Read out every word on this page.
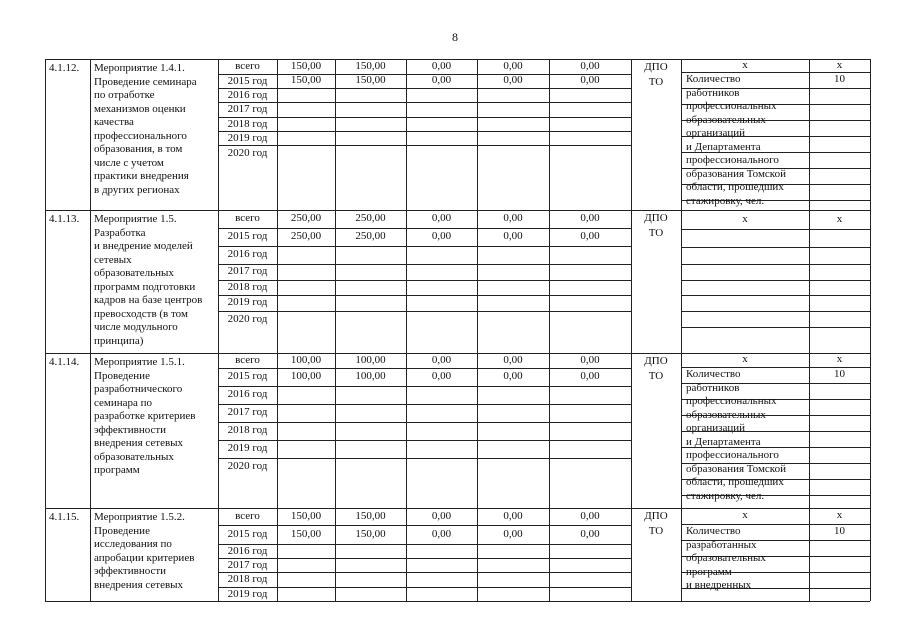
8
4.1.12. Мероприятие 1.4.1.
Проведение семинара
по отработке
механизмов оценки
качества
профессионального
образования, в том
числе с учетом
практики внедрения
в других регионах
всего
2015 год
2016 год
2017 год
2018 год
2019 год
2020 год
150,00
150,00
150,00
150,00
0,00
0,00
0,00
0,00
0,00
0,00
ДПО
ТО
х
Количество
работников
профессиональных
образовательных
организаций
и Департамента
профессионального
образования Томской
области, прошедших
стажировку, чел.
х
10
4.1.13. Мероприятие 1.5.
Разработка
и внедрение моделей
сетевых
образовательных
программ подготовки
кадров на базе центров
превосходств (в том
числе модульного
принципа)
всего
2015 год
2016 год
2017 год
2018 год
2019 год
2020 год
250,00
250,00
250,00
250,00
0,00
0,00
0,00
0,00
0,00
0,00
ДПО
ТО
х	х
4.1.14. Мероприятие 1.5.1.
Проведение
разработнического
семинара по
разработке критериев
эффективности
внедрения сетевых
образовательных
программ
всего
2015 год
2016 год
2017 год
2018 год
2019 год
2020 год
100,00
100,00
100,00
100,00
0,00
0,00
0,00
0,00
0,00
0,00
ДПО
ТО
х
Количество
работников
профессиональных
образовательных
организаций
и Департамента
профессионального
образования Томской
области, прошедших
стажировку, чел.
х
10
4.1.15. Мероприятие 1.5.2.
Проведение
исследования по
апробации критериев
эффективности
внедрения сетевых
всего
2015 год
2016 год
2017 год
2018 год
2019 год
150,00
150,00
150,00
150,00
0,00
0,00
0,00
0,00
0,00
0,00
ДПО
ТО
х
Количество
разработанных
образовательных
программ
и внедренных
х
10
